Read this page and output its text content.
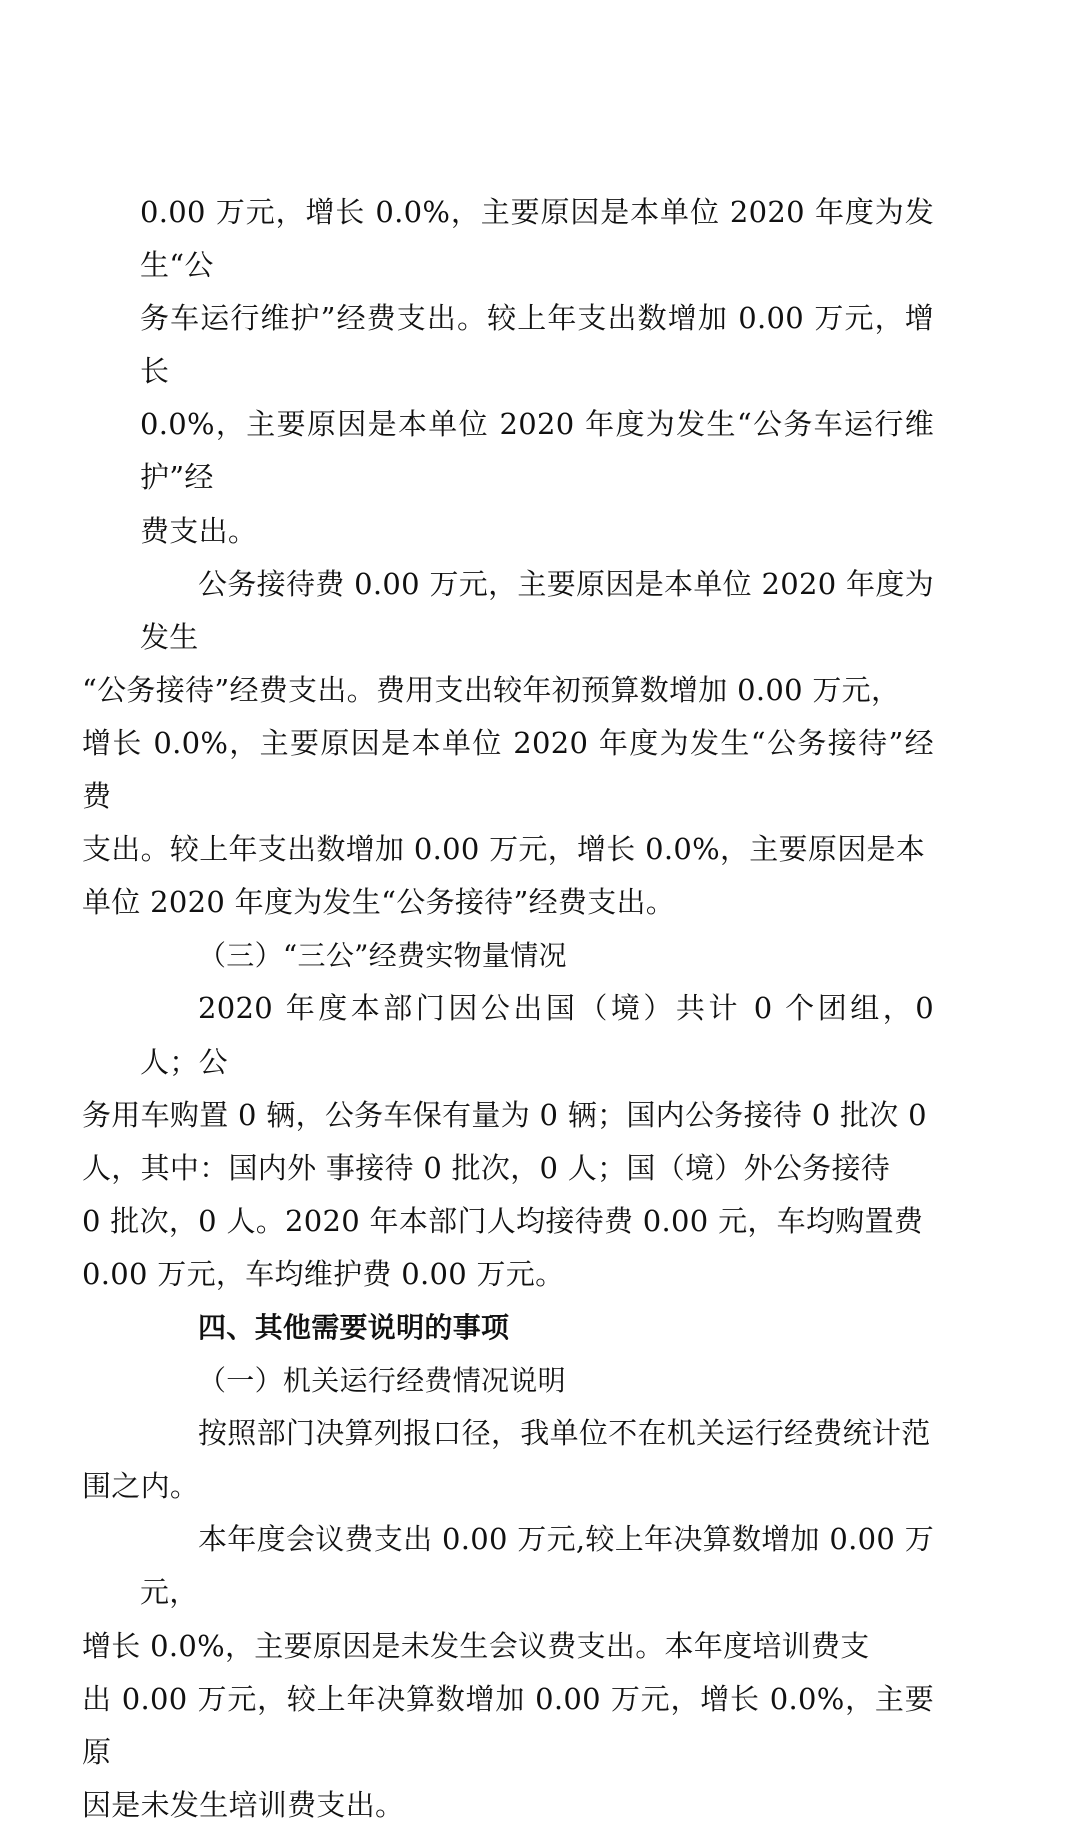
0.00 万元，增长 0.0%，主要原因是本单位 2020 年度为发生“公
务车运行维护”经费支出。较上年支出数增加 0.00 万元，增长
0.0%，主要原因是本单位 2020 年度为发生“公务车运行维护”经
费支出。

公务接待费 0.00 万元，主要原因是本单位 2020 年度为发生
“公务接待”经费支出。费用支出较年初预算数增加 0.00 万元，
增长 0.0%，主要原因是本单位 2020 年度为发生“公务接待”经费
支出。较上年支出数增加 0.00 万元，增长 0.0%，主要原因是本
单位 2020 年度为发生“公务接待”经费支出。

（三）“三公”经费实物量情况

2020 年度本部门因公出国（境）共计 0 个团组，0 人；公
务用车购置 0 辆，公务车保有量为 0 辆；国内公务接待 0 批次 0
人，其中：国内外 事接待 0 批次，0 人；国（境）外公务接待
0 批次，0 人。2020 年本部门人均接待费 0.00 元，车均购置费
0.00 万元，车均维护费 0.00 万元。

四、其他需要说明的事项

（一）机关运行经费情况说明

按照部门决算列报口径，我单位不在机关运行经费统计范
围之内。

本年度会议费支出 0.00 万元,较上年决算数增加 0.00 万元，
增长 0.0%，主要原因是未发生会议费支出。本年度培训费支
出 0.00 万元，较上年决算数增加 0.00 万元，增长 0.0%，主要原
因是未发生培训费支出。
